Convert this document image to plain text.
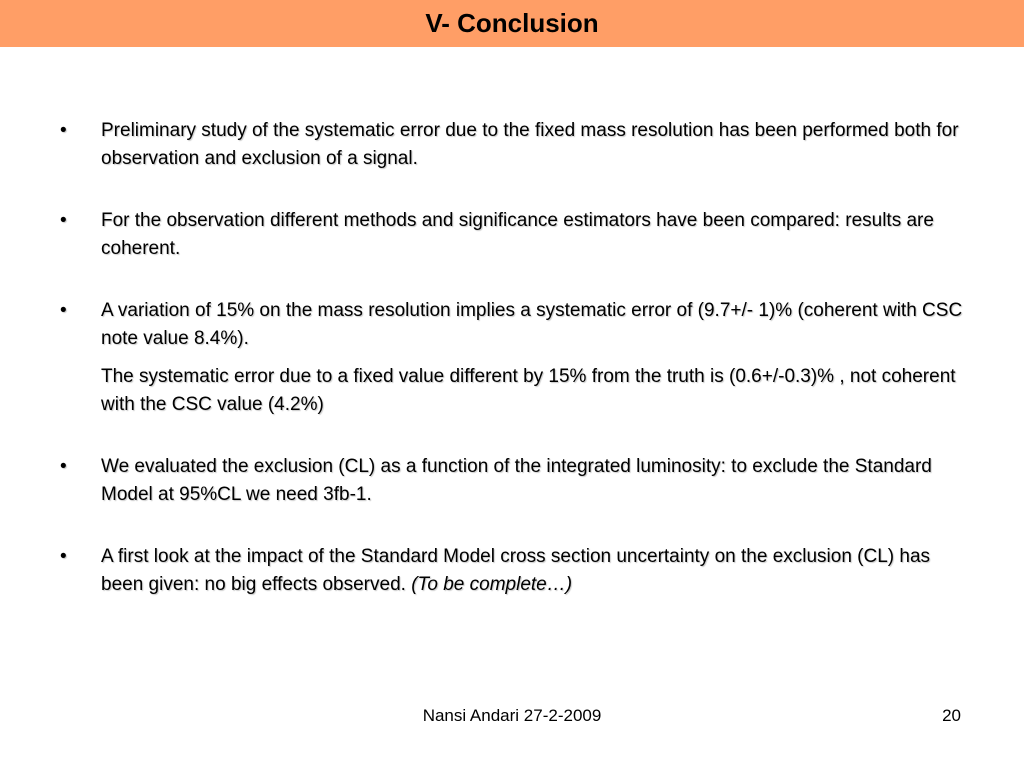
V- Conclusion
•	Preliminary study of the systematic error due to the fixed mass resolution has been performed both for observation and exclusion of a signal.
•	For the observation different methods and significance estimators have been compared: results are coherent.
•	A variation of 15% on the mass resolution implies a systematic error of (9.7+/- 1)% (coherent with CSC note value 8.4%).
The systematic error due to a fixed value different by 15% from the truth is (0.6+/-0.3)% , not coherent with the CSC value (4.2%)
•	We evaluated the exclusion (CL) as a function of the integrated luminosity: to exclude the Standard Model at 95%CL we need 3fb-1.
•	A first look at the impact of the Standard Model cross section uncertainty on the exclusion (CL) has been given: no big effects observed. (To be complete…)
Nansi Andari 27-2-2009	20
